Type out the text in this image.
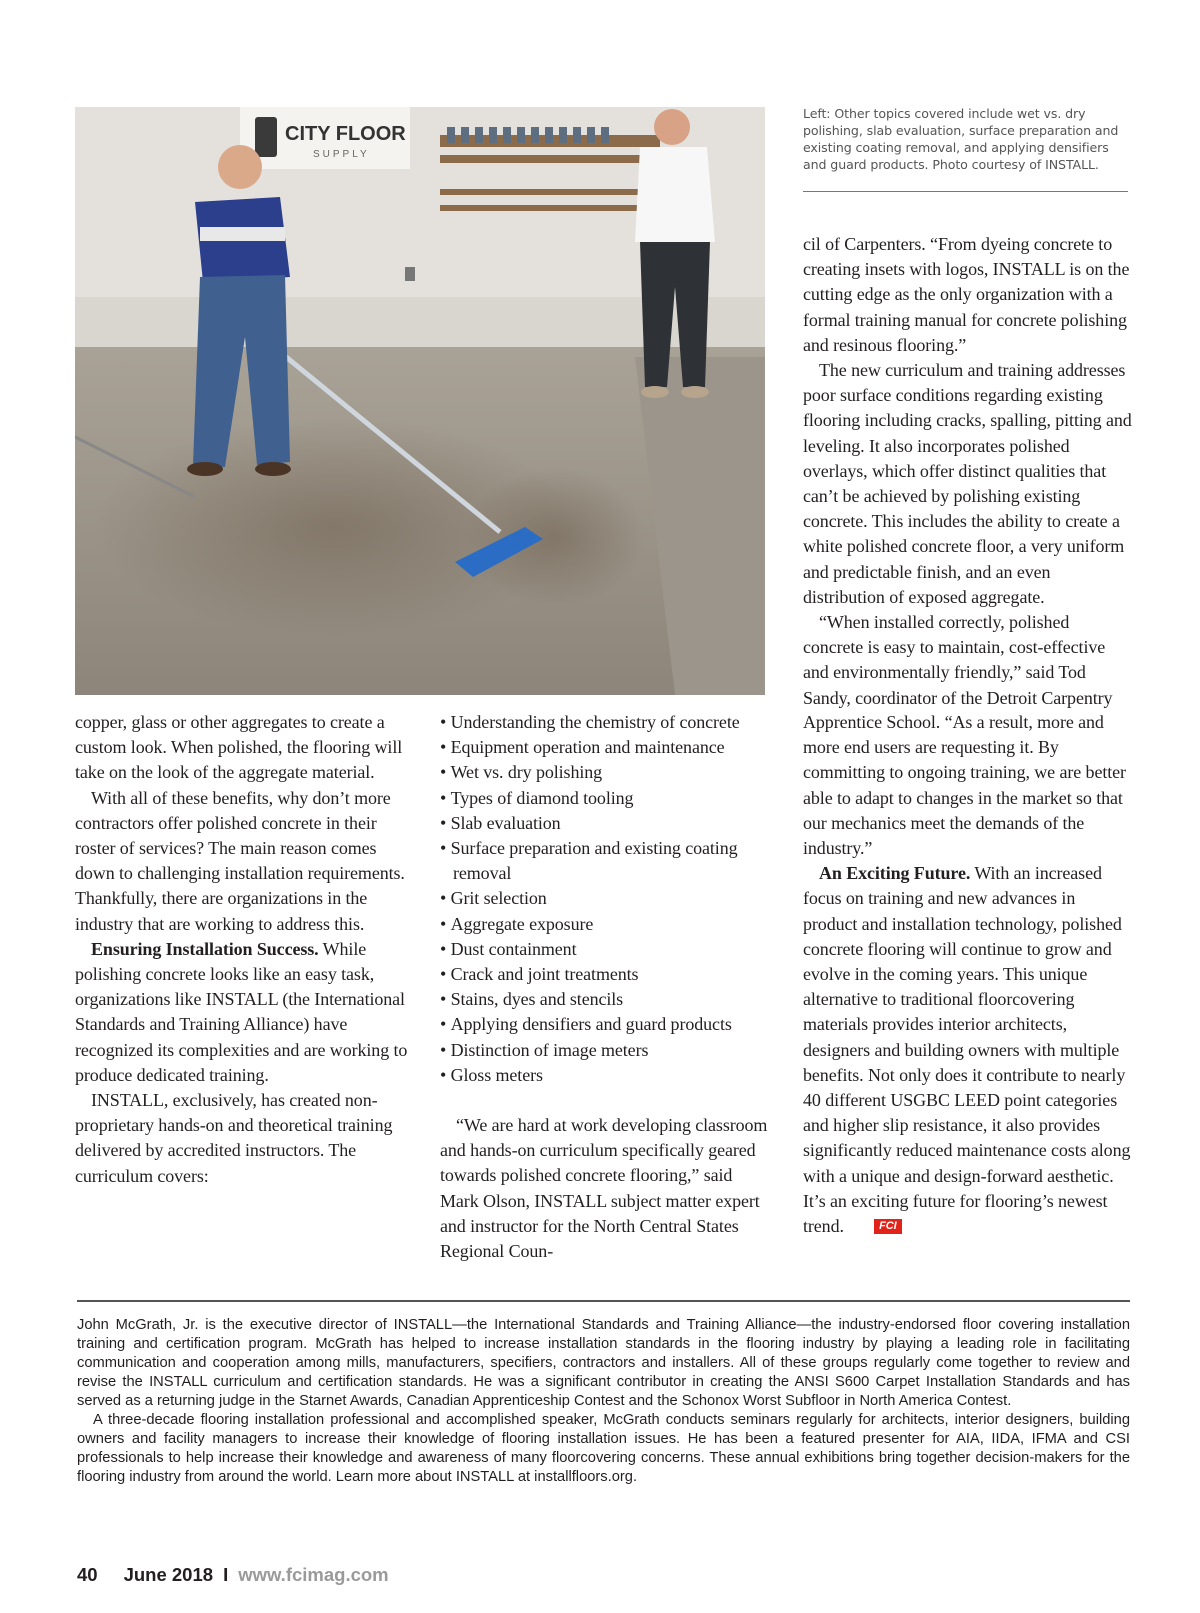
CITY FLOOR
SUPPLY
Left: Other topics covered include wet vs. dry polishing, slab evaluation, surface preparation and existing coating removal, and applying densifiers and guard products. Photo courtesy of INSTALL.

copper, glass or other aggregates to create a custom look. When polished, the flooring will take on the look of the aggregate material.

With all of these benefits, why don’t more contractors offer polished concrete in their roster of services? The main reason comes down to challenging installation requirements. Thankfully, there are organizations in the industry that are working to address this.

Ensuring Installation Success. While polishing concrete looks like an easy task, organizations like INSTALL (the International Standards and Training Alliance) have recognized its complexities and are working to produce dedicated training.

INSTALL, exclusively, has created non-proprietary hands-on and theoretical training delivered by accredited instructors. The curriculum covers:

• Understanding the chemistry of concrete
• Equipment operation and maintenance
• Wet vs. dry polishing
• Types of diamond tooling
• Slab evaluation
• Surface preparation and existing coating removal
• Grit selection
• Aggregate exposure
• Dust containment
• Crack and joint treatments
• Stains, dyes and stencils
• Applying densifiers and guard products
• Distinction of image meters
• Gloss meters

“We are hard at work developing classroom and hands-on curriculum specifically geared towards polished concrete flooring,” said Mark Olson, INSTALL subject matter expert and instructor for the North Central States Regional Coun-

cil of Carpenters. “From dyeing concrete to creating insets with logos, INSTALL is on the cutting edge as the only organization with a formal training manual for concrete polishing and resinous flooring.”

The new curriculum and training addresses poor surface conditions regarding existing flooring including cracks, spalling, pitting and leveling. It also incorporates polished overlays, which offer distinct qualities that can’t be achieved by polishing existing concrete. This includes the ability to create a white polished concrete floor, a very uniform and predictable finish, and an even distribution of exposed aggregate.

“When installed correctly, polished concrete is easy to maintain, cost-effective and environmentally friendly,” said Tod Sandy, coordinator of the Detroit Carpentry

Apprentice School. “As a result, more and more end users are requesting it. By committing to ongoing training, we are better able to adapt to changes in the market so that our mechanics meet the demands of the industry.”

An Exciting Future. With an increased focus on training and new advances in product and installation technology, polished concrete flooring will continue to grow and evolve in the coming years. This unique alternative to traditional floorcovering materials provides interior architects, designers and building owners with multiple benefits. Not only does it contribute to nearly 40 different USGBC LEED point categories and higher slip resistance, it also provides significantly reduced maintenance costs along with a unique and design-forward aesthetic. It’s an exciting future for flooring’s newest trend.	FCI

John McGrath, Jr. is the executive director of INSTALL—the International Standards and Training Alliance—the industry-endorsed floor covering installation training and certification program. McGrath has helped to increase installation standards in the flooring industry by playing a leading role in facilitating communication and cooperation among mills, manufacturers, specifiers, contractors and installers. All of these groups regularly come together to review and revise the INSTALL curriculum and certification standards. He was a significant contributor in creating the ANSI S600 Carpet Installation Standards and has served as a returning judge in the Starnet Awards, Canadian Apprenticeship Contest and the Schonox Worst Subfloor in North America Contest.

A three-decade flooring installation professional and accomplished speaker, McGrath conducts seminars regularly for architects, interior designers, building owners and facility managers to increase their knowledge of flooring installation issues. He has been a featured presenter for AIA, IIDA, IFMA and CSI professionals to help increase their knowledge and awareness of many floorcovering concerns. These annual exhibitions bring together decision-makers for the flooring industry from around the world. Learn more about INSTALL at installfloors.org.

40 June 2018 I www.fcimag.com
